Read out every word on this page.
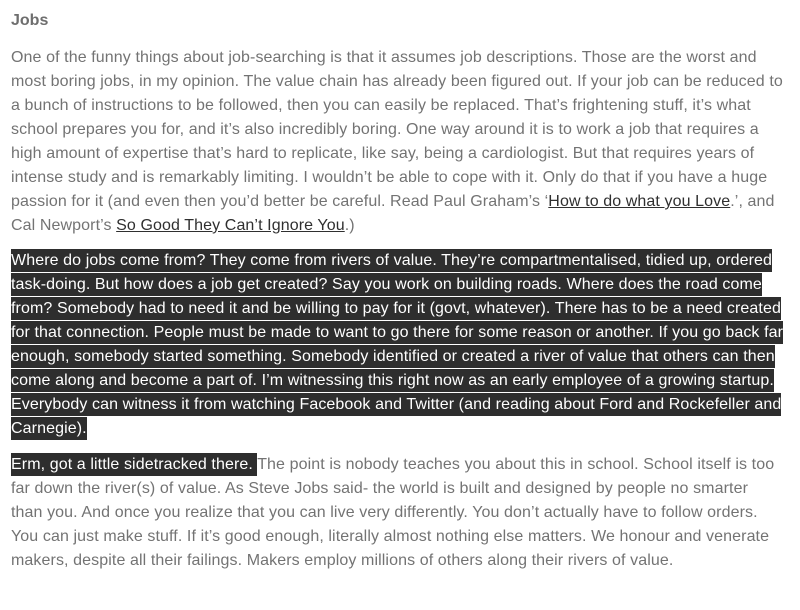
Jobs

One of the funny things about job-searching is that it assumes job descriptions. Those are the worst and most boring jobs, in my opinion. The value chain has already been figured out. If your job can be reduced to a bunch of instructions to be followed, then you can easily be replaced. That’s frightening stuff, it’s what school prepares you for, and it’s also incredibly boring. One way around it is to work a job that requires a high amount of expertise that’s hard to replicate, like say, being a cardiologist. But that requires years of intense study and is remarkably limiting. I wouldn’t be able to cope with it. Only do that if you have a huge passion for it (and even then you’d better be careful. Read Paul Graham’s ‘How to do what you Love.’, and Cal Newport’s So Good They Can’t Ignore You.)

Where do jobs come from? They come from rivers of value. They’re compartmentalised, tidied up, ordered task-doing. But how does a job get created? Say you work on building roads. Where does the road come from? Somebody had to need it and be willing to pay for it (govt, whatever). There has to be a need created for that connection. People must be made to want to go there for some reason or another. If you go back far enough, somebody started something. Somebody identified or created a river of value that others can then come along and become a part of. I’m witnessing this right now as an early employee of a growing startup. Everybody can witness it from watching Facebook and Twitter (and reading about Ford and Rockefeller and Carnegie).

Erm, got a little sidetracked there. The point is nobody teaches you about this in school. School itself is too far down the river(s) of value. As Steve Jobs said- the world is built and designed by people no smarter than you. And once you realize that you can live very differently. You don’t actually have to follow orders. You can just make stuff. If it’s good enough, literally almost nothing else matters. We honour and venerate makers, despite all their failings. Makers employ millions of others along their rivers of value.
